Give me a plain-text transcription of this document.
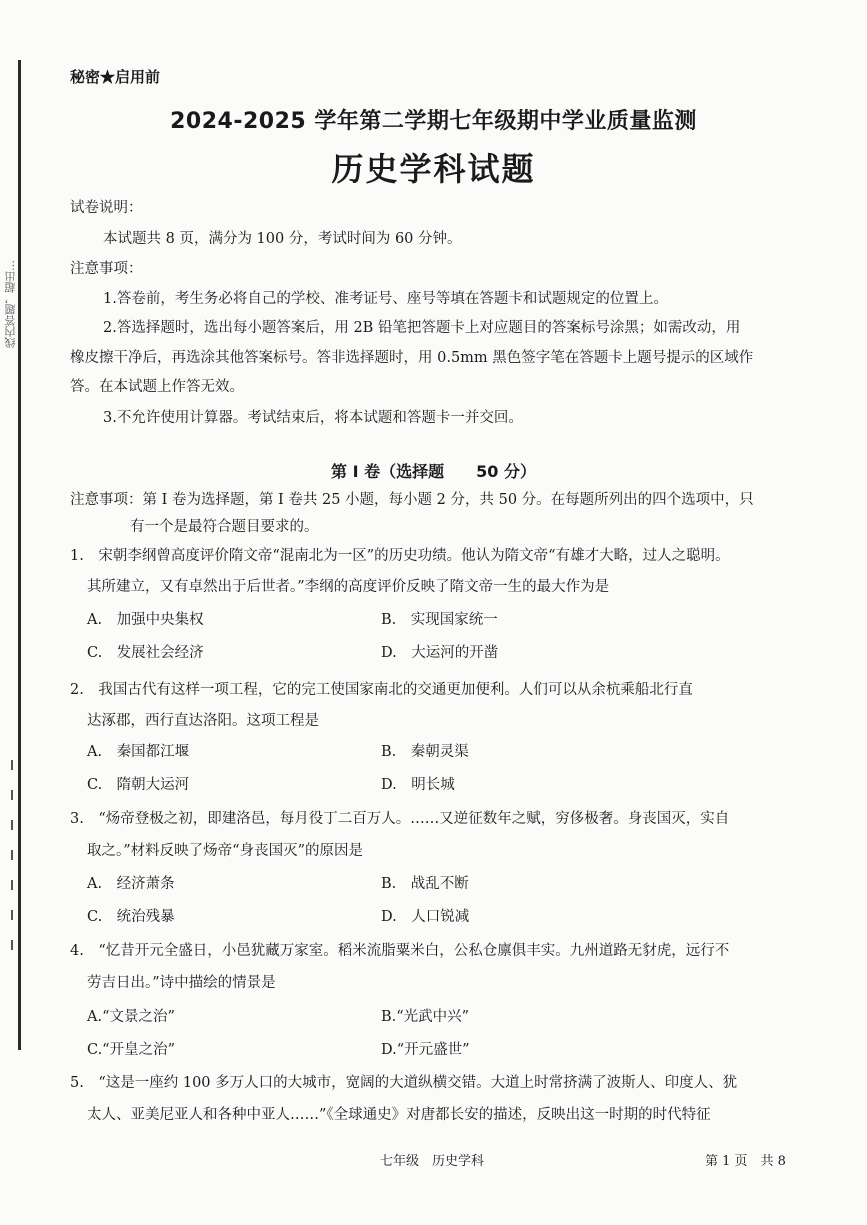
线内答题，超出…
秘密★启用前
2024-2025 学年第二学期七年级期中学业质量监测
历史学科试题
试卷说明：
本试题共 8 页，满分为 100 分，考试时间为 60 分钟。
注意事项：
1.答卷前，考生务必将自己的学校、准考证号、座号等填在答题卡和试题规定的位置上。
2.答选择题时，选出每小题答案后，用 2B 铅笔把答题卡上对应题目的答案标号涂黑；如需改动，用
橡皮擦干净后，再选涂其他答案标号。答非选择题时，用 0.5mm 黑色签字笔在答题卡上题号提示的区域作
答。在本试题上作答无效。
3.不允许使用计算器。考试结束后，将本试题和答题卡一并交回。
第 Ⅰ 卷（选择题　　50 分）
注意事项：第 Ⅰ 卷为选择题，第 Ⅰ 卷共 25 小题，每小题 2 分，共 50 分。在每题所列出的四个选项中，只
有一个是最符合题目要求的。
1.　宋朝李纲曾高度评价隋文帝“混南北为一区”的历史功绩。他认为隋文帝“有雄才大略，过人之聪明。
其所建立，又有卓然出于后世者。”李纲的高度评价反映了隋文帝一生的最大作为是
A.　加强中央集权	B.　实现国家统一
C.　发展社会经济	D.　大运河的开凿
2.　我国古代有这样一项工程，它的完工使国家南北的交通更加便利。人们可以从余杭乘船北行直
达涿郡，西行直达洛阳。这项工程是
A.　秦国都江堰	B.　秦朝灵渠
C.　隋朝大运河	D.　明长城
3.　“炀帝登极之初，即建洛邑，每月役丁二百万人。……又逆征数年之赋，穷侈极奢。身丧国灭，实自
取之。”材料反映了炀帝“身丧国灭”的原因是
A.　经济萧条	B.　战乱不断
C.　统治残暴	D.　人口锐减
4.　“忆昔开元全盛日，小邑犹藏万家室。稻米流脂粟米白，公私仓廪俱丰实。九州道路无豺虎，远行不
劳吉日出。”诗中描绘的情景是
A.“文景之治”	B.“光武中兴”
C.“开皇之治”	D.“开元盛世”
5.　“这是一座约 100 多万人口的大城市，宽阔的大道纵横交错。大道上时常挤满了波斯人、印度人、犹
太人、亚美尼亚人和各种中亚人……”《全球通史》对唐都长安的描述，反映出这一时期的时代特征
七年级　历史学科	第 1 页　共 8
